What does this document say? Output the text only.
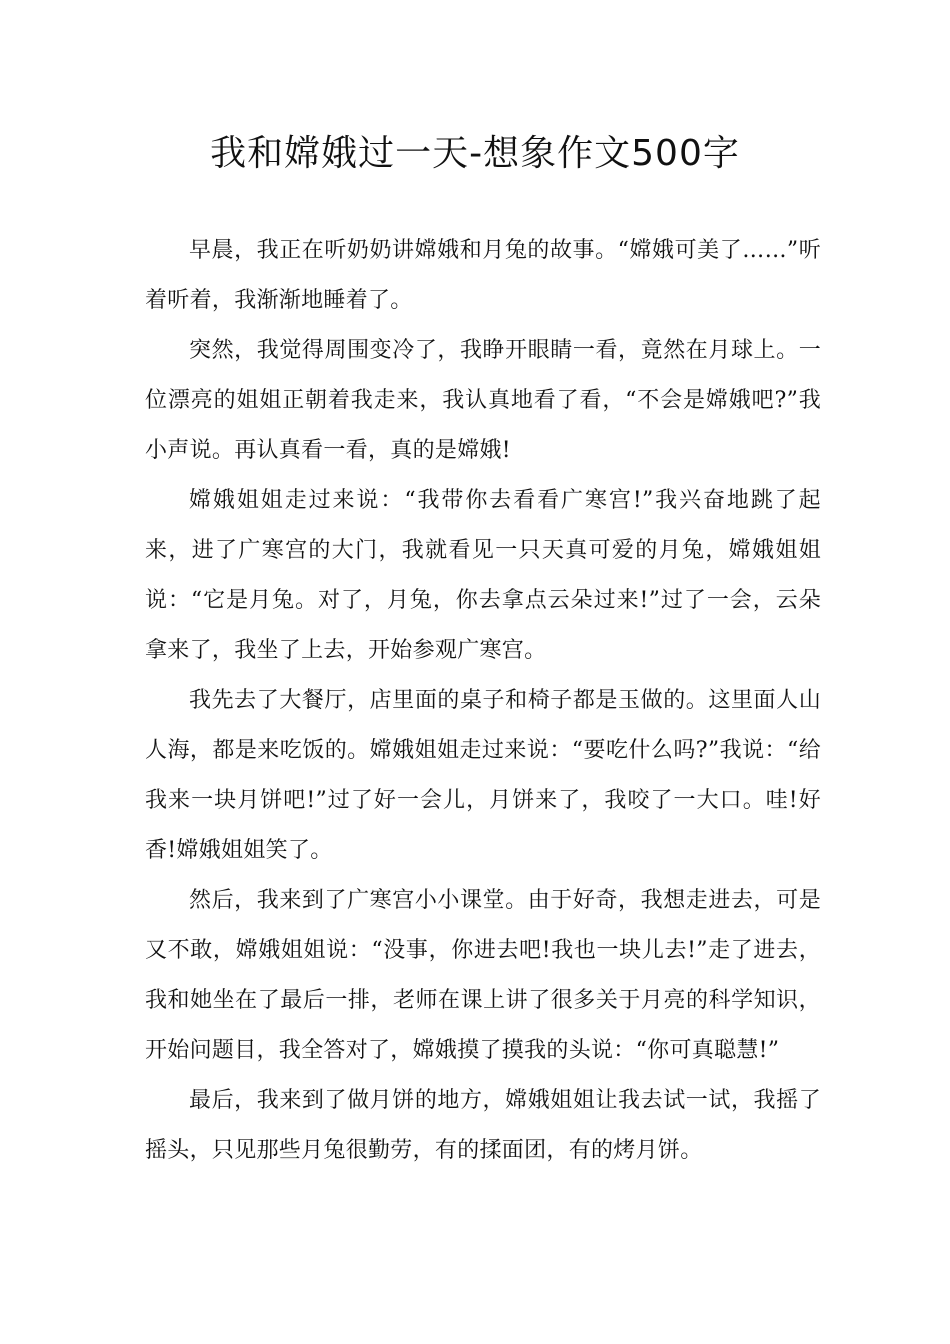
我和嫦娥过一天-想象作文500字

早晨，我正在听奶奶讲嫦娥和月兔的故事。“嫦娥可美了……”听着听着，我渐渐地睡着了。

突然，我觉得周围变冷了，我睁开眼睛一看，竟然在月球上。一位漂亮的姐姐正朝着我走来，我认真地看了看，“不会是嫦娥吧?”我小声说。再认真看一看，真的是嫦娥!

嫦娥姐姐走过来说：“我带你去看看广寒宫!”我兴奋地跳了起来，进了广寒宫的大门，我就看见一只天真可爱的月兔，嫦娥姐姐说：“它是月兔。对了，月兔，你去拿点云朵过来!”过了一会，云朵拿来了，我坐了上去，开始参观广寒宫。

我先去了大餐厅，店里面的桌子和椅子都是玉做的。这里面人山人海，都是来吃饭的。嫦娥姐姐走过来说：“要吃什么吗?”我说：“给我来一块月饼吧!”过了好一会儿，月饼来了，我咬了一大口。哇!好香!嫦娥姐姐笑了。

然后，我来到了广寒宫小小课堂。由于好奇，我想走进去，可是又不敢，嫦娥姐姐说：“没事，你进去吧!我也一块儿去!”走了进去，我和她坐在了最后一排，老师在课上讲了很多关于月亮的科学知识，开始问题目，我全答对了，嫦娥摸了摸我的头说：“你可真聪慧!”

最后，我来到了做月饼的地方，嫦娥姐姐让我去试一试，我摇了摇头，只见那些月兔很勤劳，有的揉面团，有的烤月饼。
